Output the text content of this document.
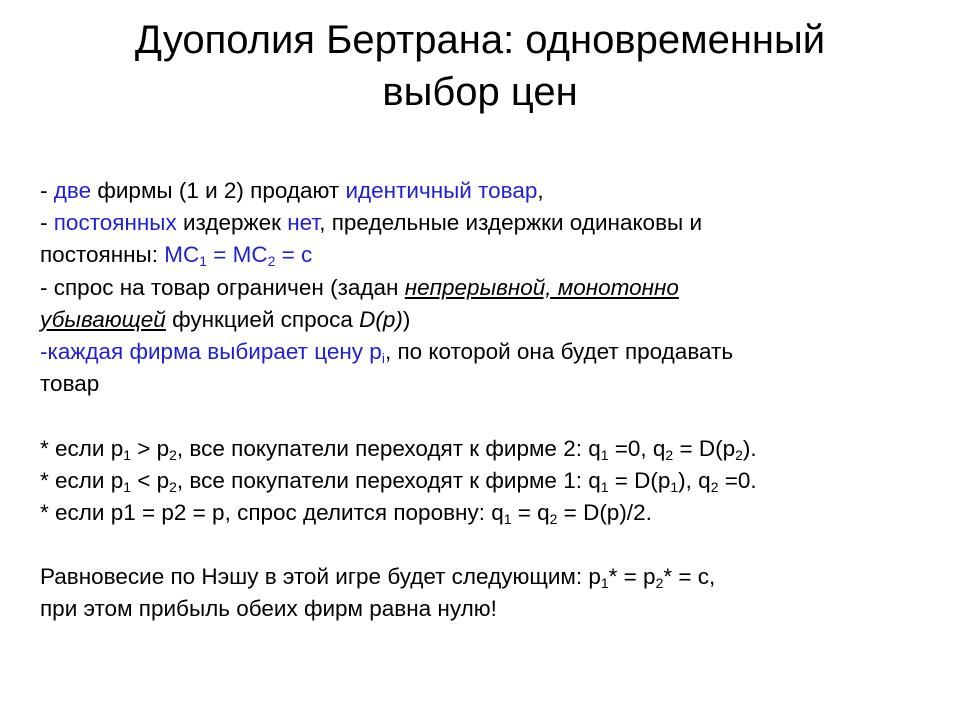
Дуополия Бертрана: одновременный
выбор цен
- две фирмы (1 и 2) продают идентичный товар,
- постоянных издержек нет, предельные издержки одинаковы и
постоянны: $MC_1 = MC_2 = c$
- спрос на товар ограничен (задан непрерывной, монотонно
убывающей функцией спроса D(p))
-каждая фирма выбирает цену $p_i$, по которой она будет продавать
товар
* если $p_1 > p_2$, все покупатели переходят к фирме 2: $q_1 =0$, $q_2 = D(p_2)$.
* если $p_1 < p_2$, все покупатели переходят к фирме 1: $q_1 = D(p_1)$, $q_2 =0$.
* если p1 = p2 = p, спрос делится поровну: $q_1 = q_2 = D(p)/2$.
Равновесие по Нэшу в этой игре будет следующим: $p_1* = p_2* = c$,
при этом прибыль обеих фирм равна нулю!
